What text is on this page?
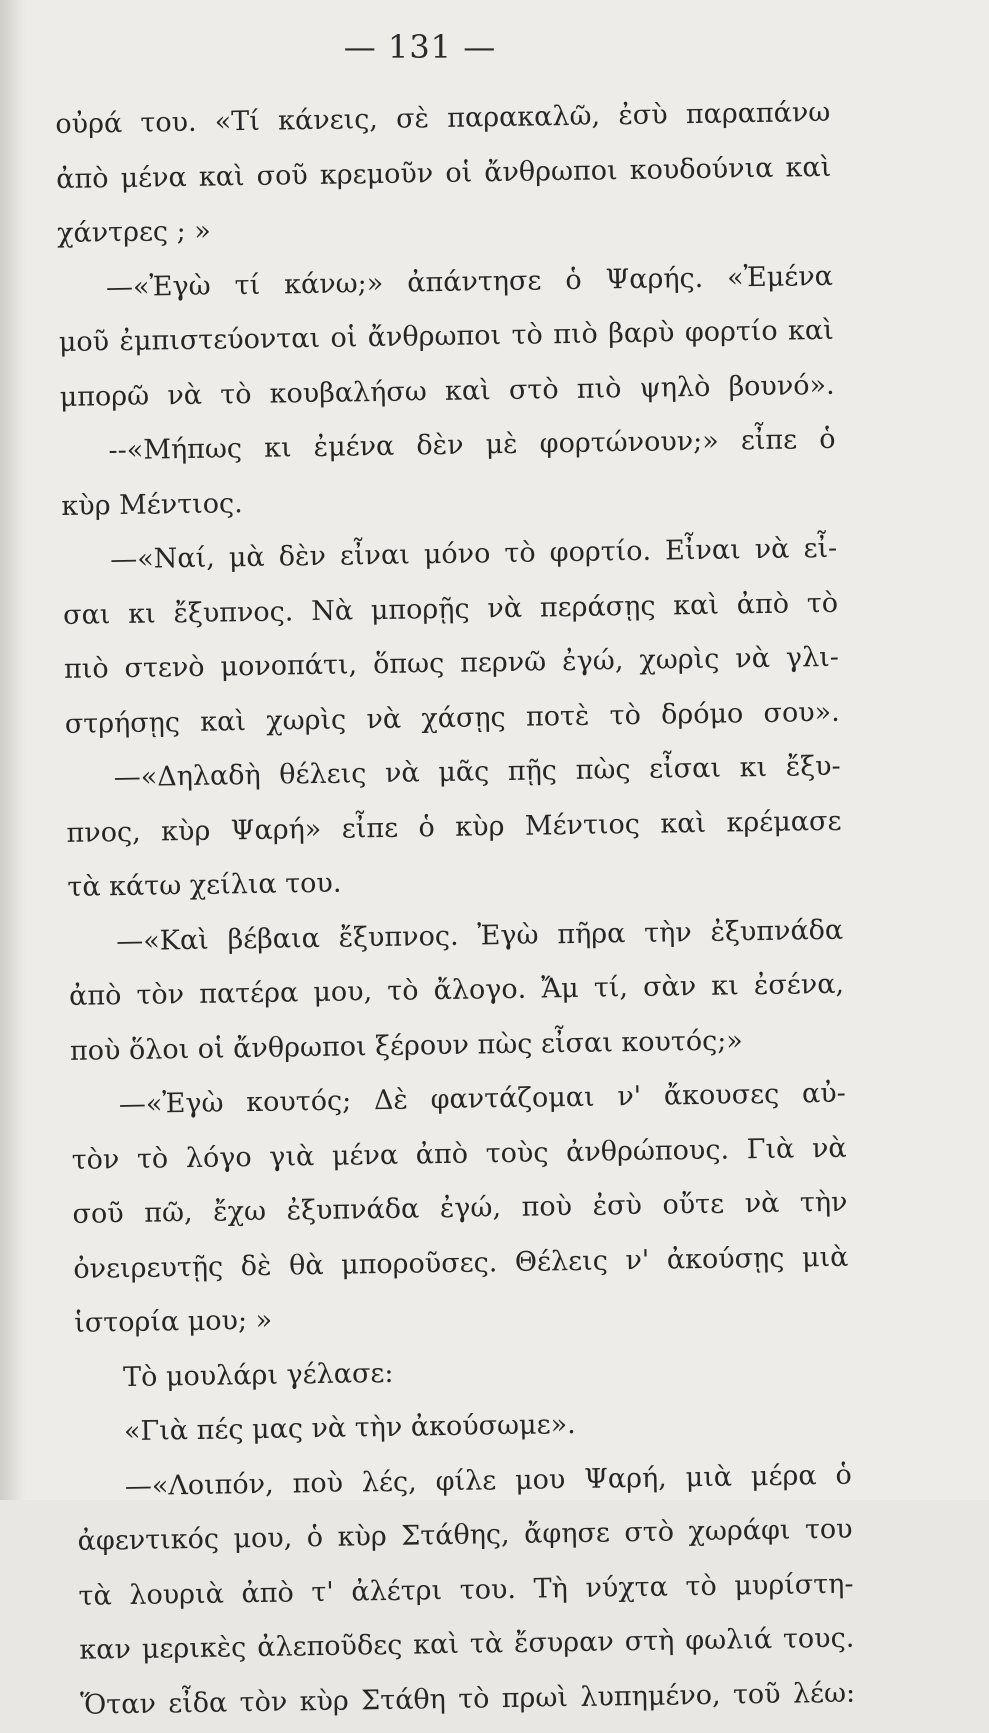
— 131 —
οὐρά του. «Τί κάνεις, σὲ παρακαλῶ, ἐσὺ παραπάνω
ἀπὸ μένα καὶ σοῦ κρεμοῦν οἱ ἄνθρωποι κουδούνια καὶ
χάντρες ; »
—«Ἐγὼ τί κάνω;» ἀπάντησε ὁ Ψαρής. «Ἐμένα
μοῦ ἐμπιστεύονται οἱ ἄνθρωποι τὸ πιὸ βαρὺ φορτίο καὶ
μπορῶ νὰ τὸ κουβαλήσω καὶ στὸ πιὸ ψηλὸ βουνό».
--«Μήπως κι ἐμένα δὲν μὲ φορτώνουν;» εἶπε ὁ
κὺρ Μέντιος.
—«Ναί, μὰ δὲν εἶναι μόνο τὸ φορτίο. Εἶναι νὰ εἶ-
σαι κι ἔξυπνος. Νὰ μπορῇς νὰ περάσῃς καὶ ἀπὸ τὸ
πιὸ στενὸ μονοπάτι, ὅπως περνῶ ἐγώ, χωρὶς νὰ γλι-
στρήσῃς καὶ χωρὶς νὰ χάσῃς ποτὲ τὸ δρόμο σου».
—«Δηλαδὴ θέλεις νὰ μᾶς πῇς πὼς εἶσαι κι ἔξυ-
πνος, κὺρ Ψαρή» εἶπε ὁ κὺρ Μέντιος καὶ κρέμασε
τὰ κάτω χείλια του.
—«Καὶ βέβαια ἔξυπνος. Ἐγὼ πῆρα τὴν ἐξυπνάδα
ἀπὸ τὸν πατέρα μου, τὸ ἄλογο. Ἄμ τί, σὰν κι ἐσένα,
ποὺ ὅλοι οἱ ἄνθρωποι ξέρουν πὼς εἶσαι κουτός;»
—«Ἐγὼ κουτός; Δὲ φαντάζομαι ν' ἄκουσες αὐ-
τὸν τὸ λόγο γιὰ μένα ἀπὸ τοὺς ἀνθρώπους. Γιὰ νὰ
σοῦ πῶ, ἔχω ἐξυπνάδα ἐγώ, ποὺ ἐσὺ οὔτε νὰ τὴν
ὀνειρευτῇς δὲ θὰ μποροῦσες. Θέλεις ν' ἀκούσῃς μιὰ
ἱστορία μου; »
Τὸ μουλάρι γέλασε:
«Γιὰ πές μας νὰ τὴν ἀκούσωμε».
—«Λοιπόν, ποὺ λές, φίλε μου Ψαρή, μιὰ μέρα ὁ
ἀφεντικός μου, ὁ κὺρ Στάθης, ἄφησε στὸ χωράφι του
τὰ λουριὰ ἀπὸ τ' ἀλέτρι του. Τὴ νύχτα τὸ μυρίστη-
καν μερικὲς ἀλεποῦδες καὶ τὰ ἔσυραν στὴ φωλιά τους.
Ὅταν εἶδα τὸν κὺρ Στάθη τὸ πρωὶ λυπημένο, τοῦ λέω:
